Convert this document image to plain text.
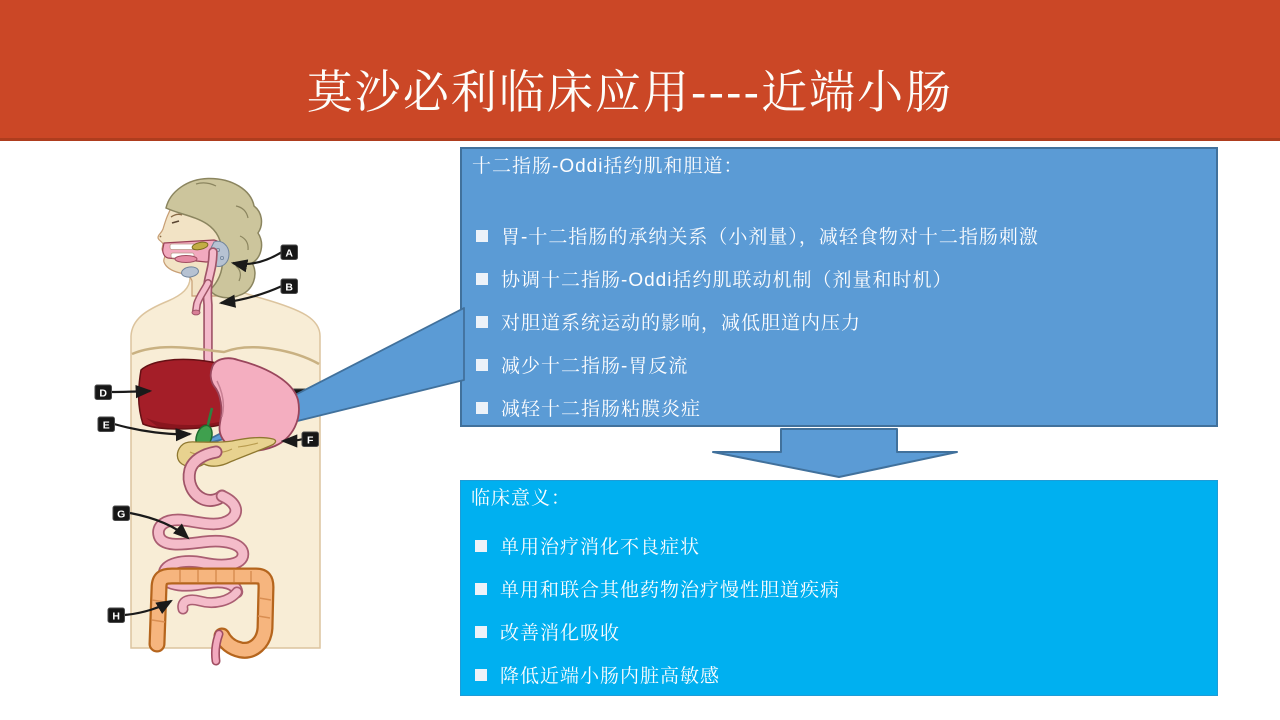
莫沙必利临床应用----近端小肠
十二指肠-Oddi括约肌和胆道：
胃-十二指肠的承纳关系（小剂量），减轻食物对十二指肠刺激
协调十二指肠-Oddi括约肌联动机制（剂量和时机）
对胆道系统运动的影响，减低胆道内压力
减少十二指肠-胃反流
减轻十二指肠粘膜炎症
临床意义：
单用治疗消化不良症状
单用和联合其他药物治疗慢性胆道疾病
改善消化吸收
降低近端小肠内脏高敏感
A
B
D
E
F
G
H
